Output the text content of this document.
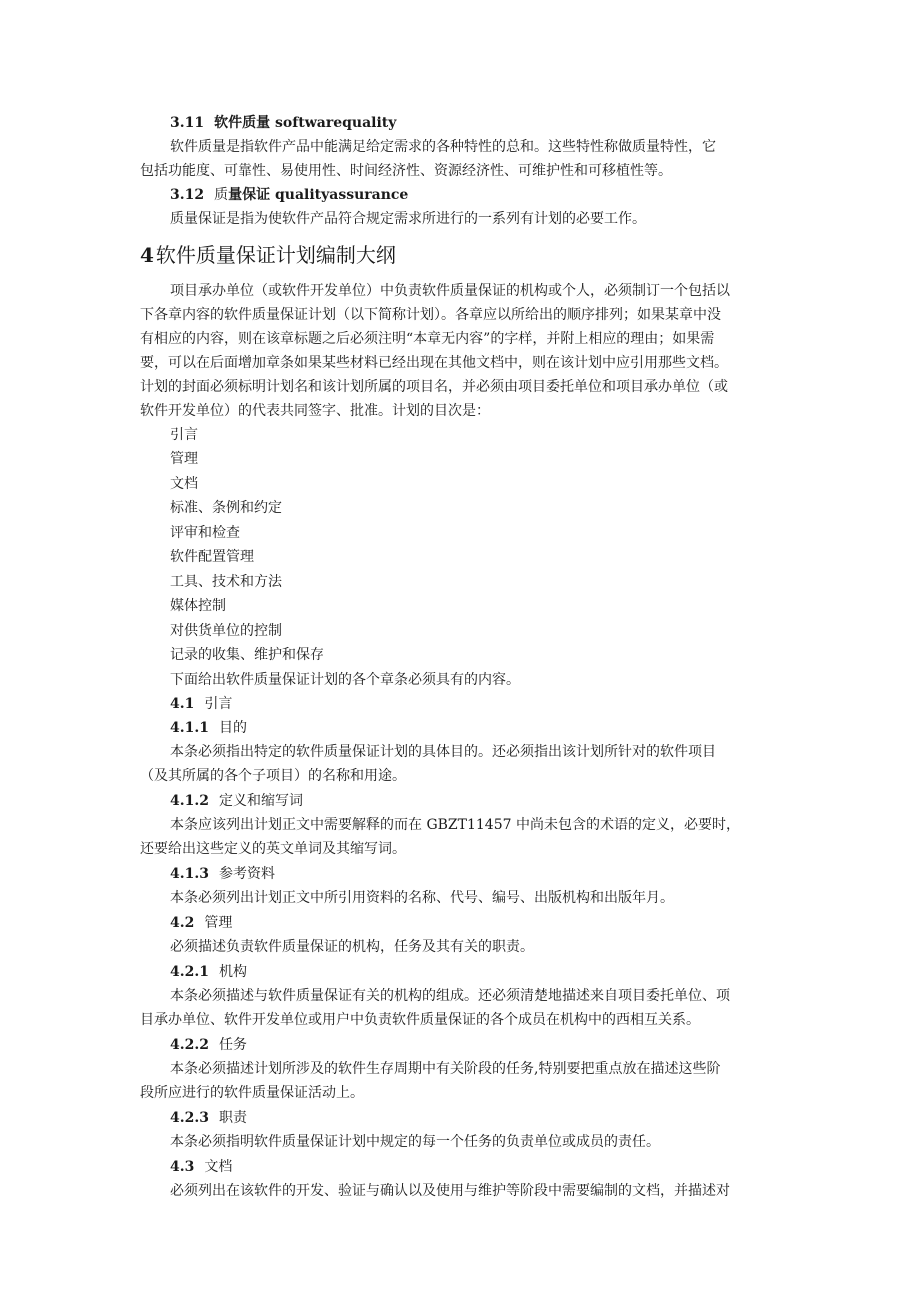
3.11 软件质量 softwarequality
软件质量是指软件产品中能满足给定需求的各种特性的总和。这些特性称做质量特性，它
包括功能度、可靠性、易使用性、时间经济性、资源经济性、可维护性和可移植性等。
3.12 质量保证 qualityassurance
质量保证是指为使软件产品符合规定需求所进行的一系列有计划的必要工作。
4 软件质量保证计划编制大纲
项目承办单位（或软件开发单位）中负责软件质量保证的机构或个人，必须制订一个包括以
下各章内容的软件质量保证计划（以下简称计划）。各章应以所给出的顺序排列；如果某章中没
有相应的内容，则在该章标题之后必须注明“本章无内容”的字样，并附上相应的理由；如果需
要，可以在后面增加章条如果某些材料已经出现在其他文档中，则在该计划中应引用那些文档。
计划的封面必须标明计划名和该计划所属的项目名，并必须由项目委托单位和项目承办单位（或
软件开发单位）的代表共同签字、批准。计划的目次是：
引言
管理
文档
标准、条例和约定
评审和检查
软件配置管理
工具、技术和方法
媒体控制
对供货单位的控制
记录的收集、维护和保存
下面给出软件质量保证计划的各个章条必须具有的内容。
4.1 引言
4.1.1 目的
本条必须指出特定的软件质量保证计划的具体目的。还必须指出该计划所针对的软件项目
（及其所属的各个子项目）的名称和用途。
4.1.2 定义和缩写词
本条应该列出计划正文中需要解释的而在 GBZT11457 中尚未包含的术语的定义，必要时，
还要给出这些定义的英文单词及其缩写词。
4.1.3 参考资料
本条必须列出计划正文中所引用资料的名称、代号、编号、出版机构和出版年月。
4.2 管理
必须描述负责软件质量保证的机构，任务及其有关的职责。
4.2.1 机构
本条必须描述与软件质量保证有关的机构的组成。还必须清楚地描述来自项目委托单位、项
目承办单位、软件开发单位或用户中负责软件质量保证的各个成员在机构中的西相互关系。
4.2.2 任务
本条必须描述计划所涉及的软件生存周期中有关阶段的任务,特别要把重点放在描述这些阶
段所应进行的软件质量保证活动上。
4.2.3 职责
本条必须指明软件质量保证计划中规定的每一个任务的负责单位或成员的责任。
4.3 文档
必须列出在该软件的开发、验证与确认以及使用与维护等阶段中需要编制的文档，并描述对
